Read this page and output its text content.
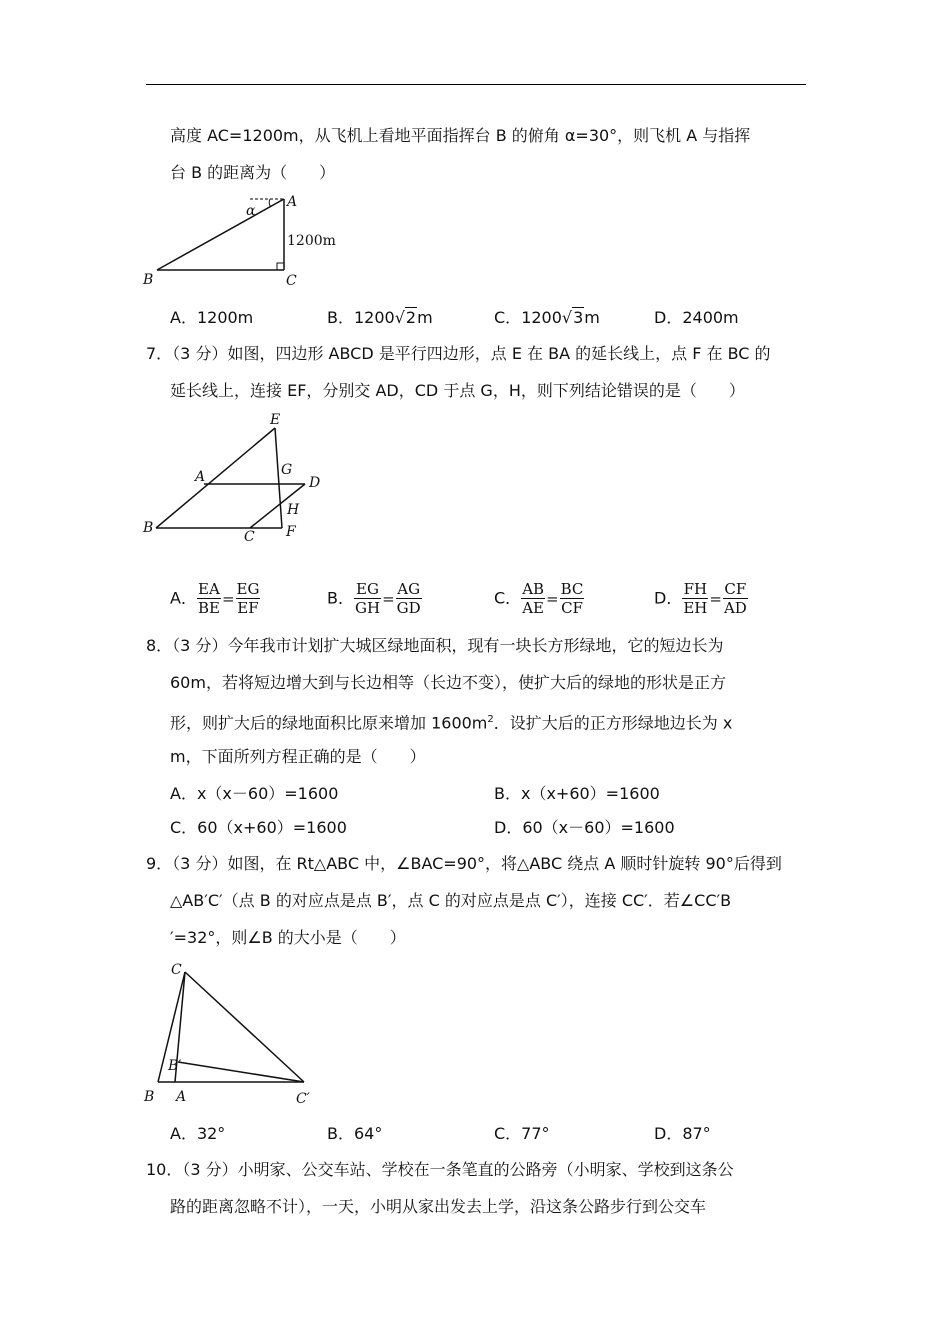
高度 AC=1200m，从飞机上看地平面指挥台 B 的俯角 α=30°，则飞机 A 与指挥
台 B 的距离为（　　）
α
A
B	C
1200m
A．1200m	B．1200√2m	C．1200√3m	D．2400m
7．（3 分）如图，四边形 ABCD 是平行四边形，点 E 在 BA 的延长线上，点 F 在 BC 的
延长线上，连接 EF，分别交 AD，CD 于点 G，H，则下列结论错误的是（　　）
E
A	G
D
B
C
H
F
A． $\frac{EA}{BE} = \frac{EG}{EF}$	B． $\frac{EG}{GH} = \frac{AG}{GD}$	C． $\frac{AB}{AE} = \frac{BC}{CF}$	D． $\frac{FH}{EH} = \frac{CF}{AD}$
8．（3 分）今年我市计划扩大城区绿地面积，现有一块长方形绿地，它的短边长为
60m，若将短边增大到与长边相等（长边不变），使扩大后的绿地的形状是正方
形，则扩大后的绿地面积比原来增加 $1600m^2$．设扩大后的正方形绿地边长为 x
m，下面所列方程正确的是（　　）
A．x（x－60）=1600	B．x（x+60）=1600
C．60（x+60）=1600	D．60（x－60）=1600
9．（3 分）如图，在 Rt△ABC 中，∠BAC=90°，将△ABC 绕点 A 顺时针旋转 90°后得到
△AB′C′（点 B 的对应点是点 B′，点 C 的对应点是点 C′），连接 CC′．若∠CC′B
′=32°，则∠B 的大小是（　　）
C
B′
B A	C′
A．32°	B．64°	C．77°	D．87°
10．（3 分）小明家、公交车站、学校在一条笔直的公路旁（小明家、学校到这条公
路的距离忽略不计），一天，小明从家出发去上学，沿这条公路步行到公交车
